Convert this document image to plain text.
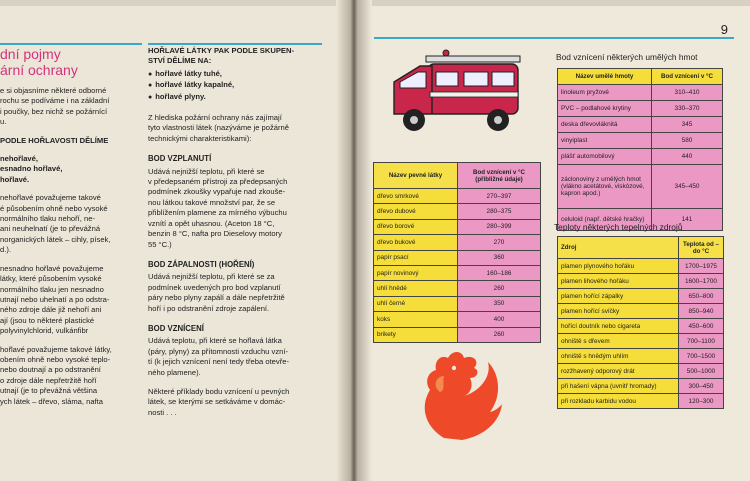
dní pojmy
ární ochrany

e si objasníme některé odborné
rochu se podíváme i na základní
i poučky, bez nichž se požárnící
u.

PODLE HOŘLAVOSTI DĚLÍME

nehořlavé,
esnadno hořlavé,
hořlavé.

nehořlavé považujeme takové
é působením ohně nebo vysoké
normálního tlaku nehoří, ne-
ani neuhelnatí (je to převážná
norganických látek – cihly, písek,
d.).

nesnadno hořlavé považujeme
látky, které působením vysoké
normálního tlaku jen nesnadno
utnají nebo uhelnatí a po odstra-
ného zdroje dále již nehoří ani
ají (jsou to některé plastické
polyvinylchlorid, vulkánfibr

hořlavé považujeme takové látky,
obením ohně nebo vysoké teplo-
nebo doutnají a po odstranění
o zdroje dále nepřetržitě hoří
utnají (je to převážná většina
ych látek – dřevo, sláma, nafta

HOŘLAVÉ LÁTKY PAK PODLE SKUPEN-
STVÍ DĚLÍME NA:
● hořlavé látky tuhé,
● hořlavé látky kapalné,
● hořlavé plyny.

Z hlediska požární ochrany nás zajímají
tyto vlastnosti látek (nazýváme je požárně
technickými charakteristikami):

BOD VZPLANUTÍ

Udává nejnižší teplotu, při které se
v předepsaném přístroji za předepsaných
podmínek zkoušky vypařuje nad zkouše-
nou látkou takové množství par, že se
přiblížením plamene za mírného výbuchu
vznítí a opět uhasnou. (Aceton 18 °C,
benzin 8 °C, nafta pro Dieselovy motory
55 °C.)

BOD ZÁPALNOSTI (HOŘENÍ)

Udává nejnižší teplotu, při které se za
podmínek uvedených pro bod vzplanutí
páry nebo plyny zapálí a dále nepřetržitě
hoří i po odstranění zdroje zapálení.

BOD VZNÍCENÍ

Udává teplotu, při které se hořlavá látka
(páry, plyny) za přítomnosti vzduchu vzní-
tí (k jejich vznícení není tedy třeba otevře-
ného plamene).

Některé příklady bodu vznícení u pevných
látek, se kterými se setkáváme v domác-
nosti . . .

9
Bod vznícení některých umělých hmot
Název umělé hmoty	Bod vznícení v °C
linoleum pryžové	310–410
PVC – podlahové krytiny	330–370
deska dřevovláknitá	345
vinyiplast	580
plášť automobilový	440
záclonoviny z umělých hmot (vlákno acetátové, viskózové, kapron apod.)	345–450
celuloid (např. dětské hračky)	141
Název pevné látky	Bod vznícení v °C (přibližné údaje)
dřevo smrkové	270–397
dřevo dubové	280–375
dřevo borové	280–399
dřevo bukové	270
papír psací	360
papír novinový	160–186
uhlí hnědé	260
uhlí černé	350
koks	400
brikety	260
Teploty některých tepelných zdrojů
Zdroj	Teplota od – do °C
plamen plynového hořáku	1700–1975
plamen lihového hořáku	1600–1700
plamen hořící zápalky	650–800
plamen hořící svíčky	850–940
hořící doutník nebo cigareta	450–600
ohniště s dřevem	700–1100
ohniště s hnědým uhlím	700–1500
rozžhavený odporový drát	500–1000
při hašení vápna (uvnitř hromady)	300–450
při rozkladu karbidu vodou	120–300
